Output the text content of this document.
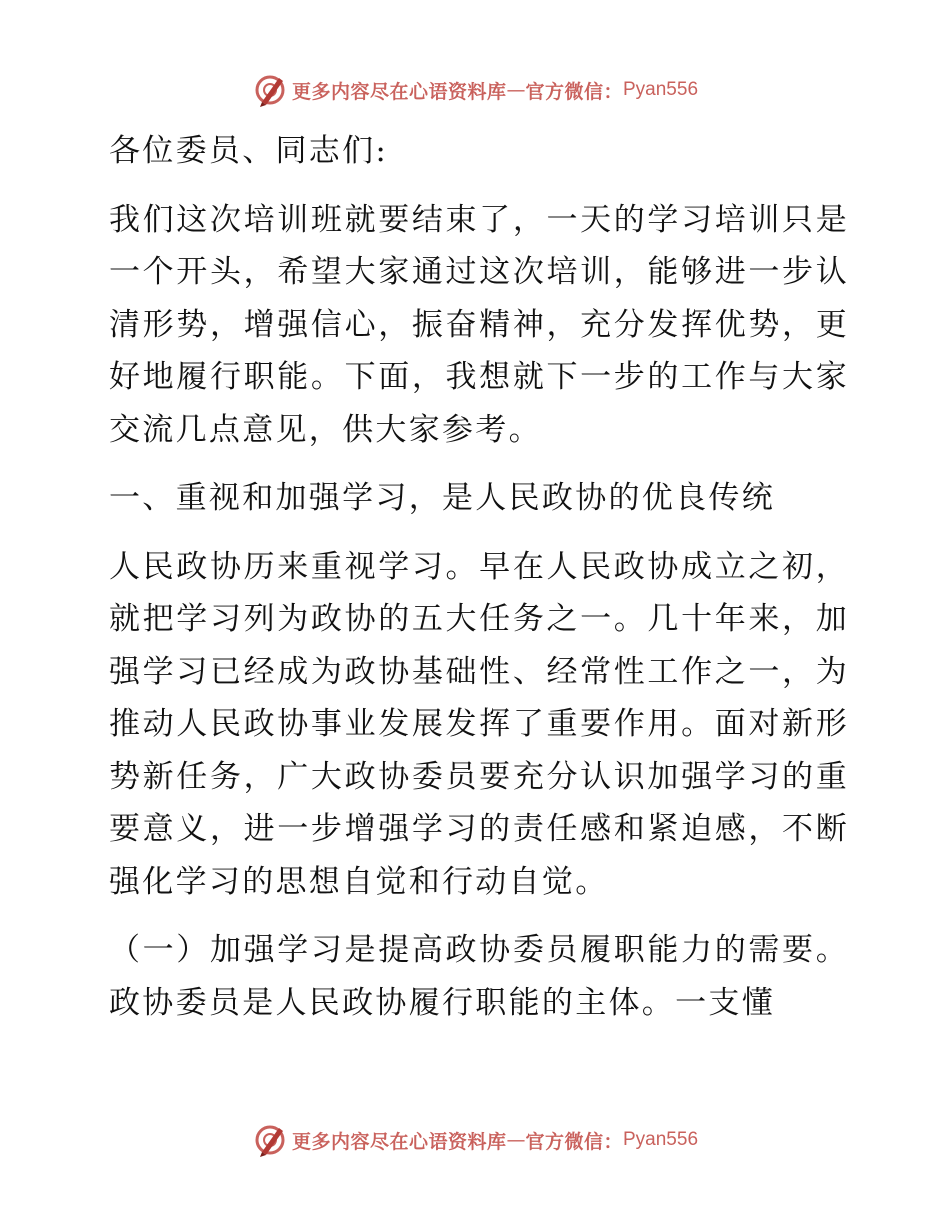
更多内容尽在心语资料库 — 官方微信： Pyan556

各位委员、同志们:

我们这次培训班就要结束了，一天的学习培训只是一个开头，希望大家通过这次培训，能够进一步认清形势，增强信心，振奋精神，充分发挥优势，更好地履行职能。下面，我想就下一步的工作与大家交流几点意见，供大家参考。

一、重视和加强学习，是人民政协的优良传统

人民政协历来重视学习。早在人民政协成立之初，就把学习列为政协的五大任务之一。几十年来，加强学习已经成为政协基础性、经常性工作之一，为推动人民政协事业发展发挥了重要作用。面对新形势新任务，广大政协委员要充分认识加强学习的重要意义，进一步增强学习的责任感和紧迫感，不断强化学习的思想自觉和行动自觉。

（一）加强学习是提高政协委员履职能力的需要。政协委员是人民政协履行职能的主体。一支懂

更多内容尽在心语资料库 — 官方微信： Pyan556
